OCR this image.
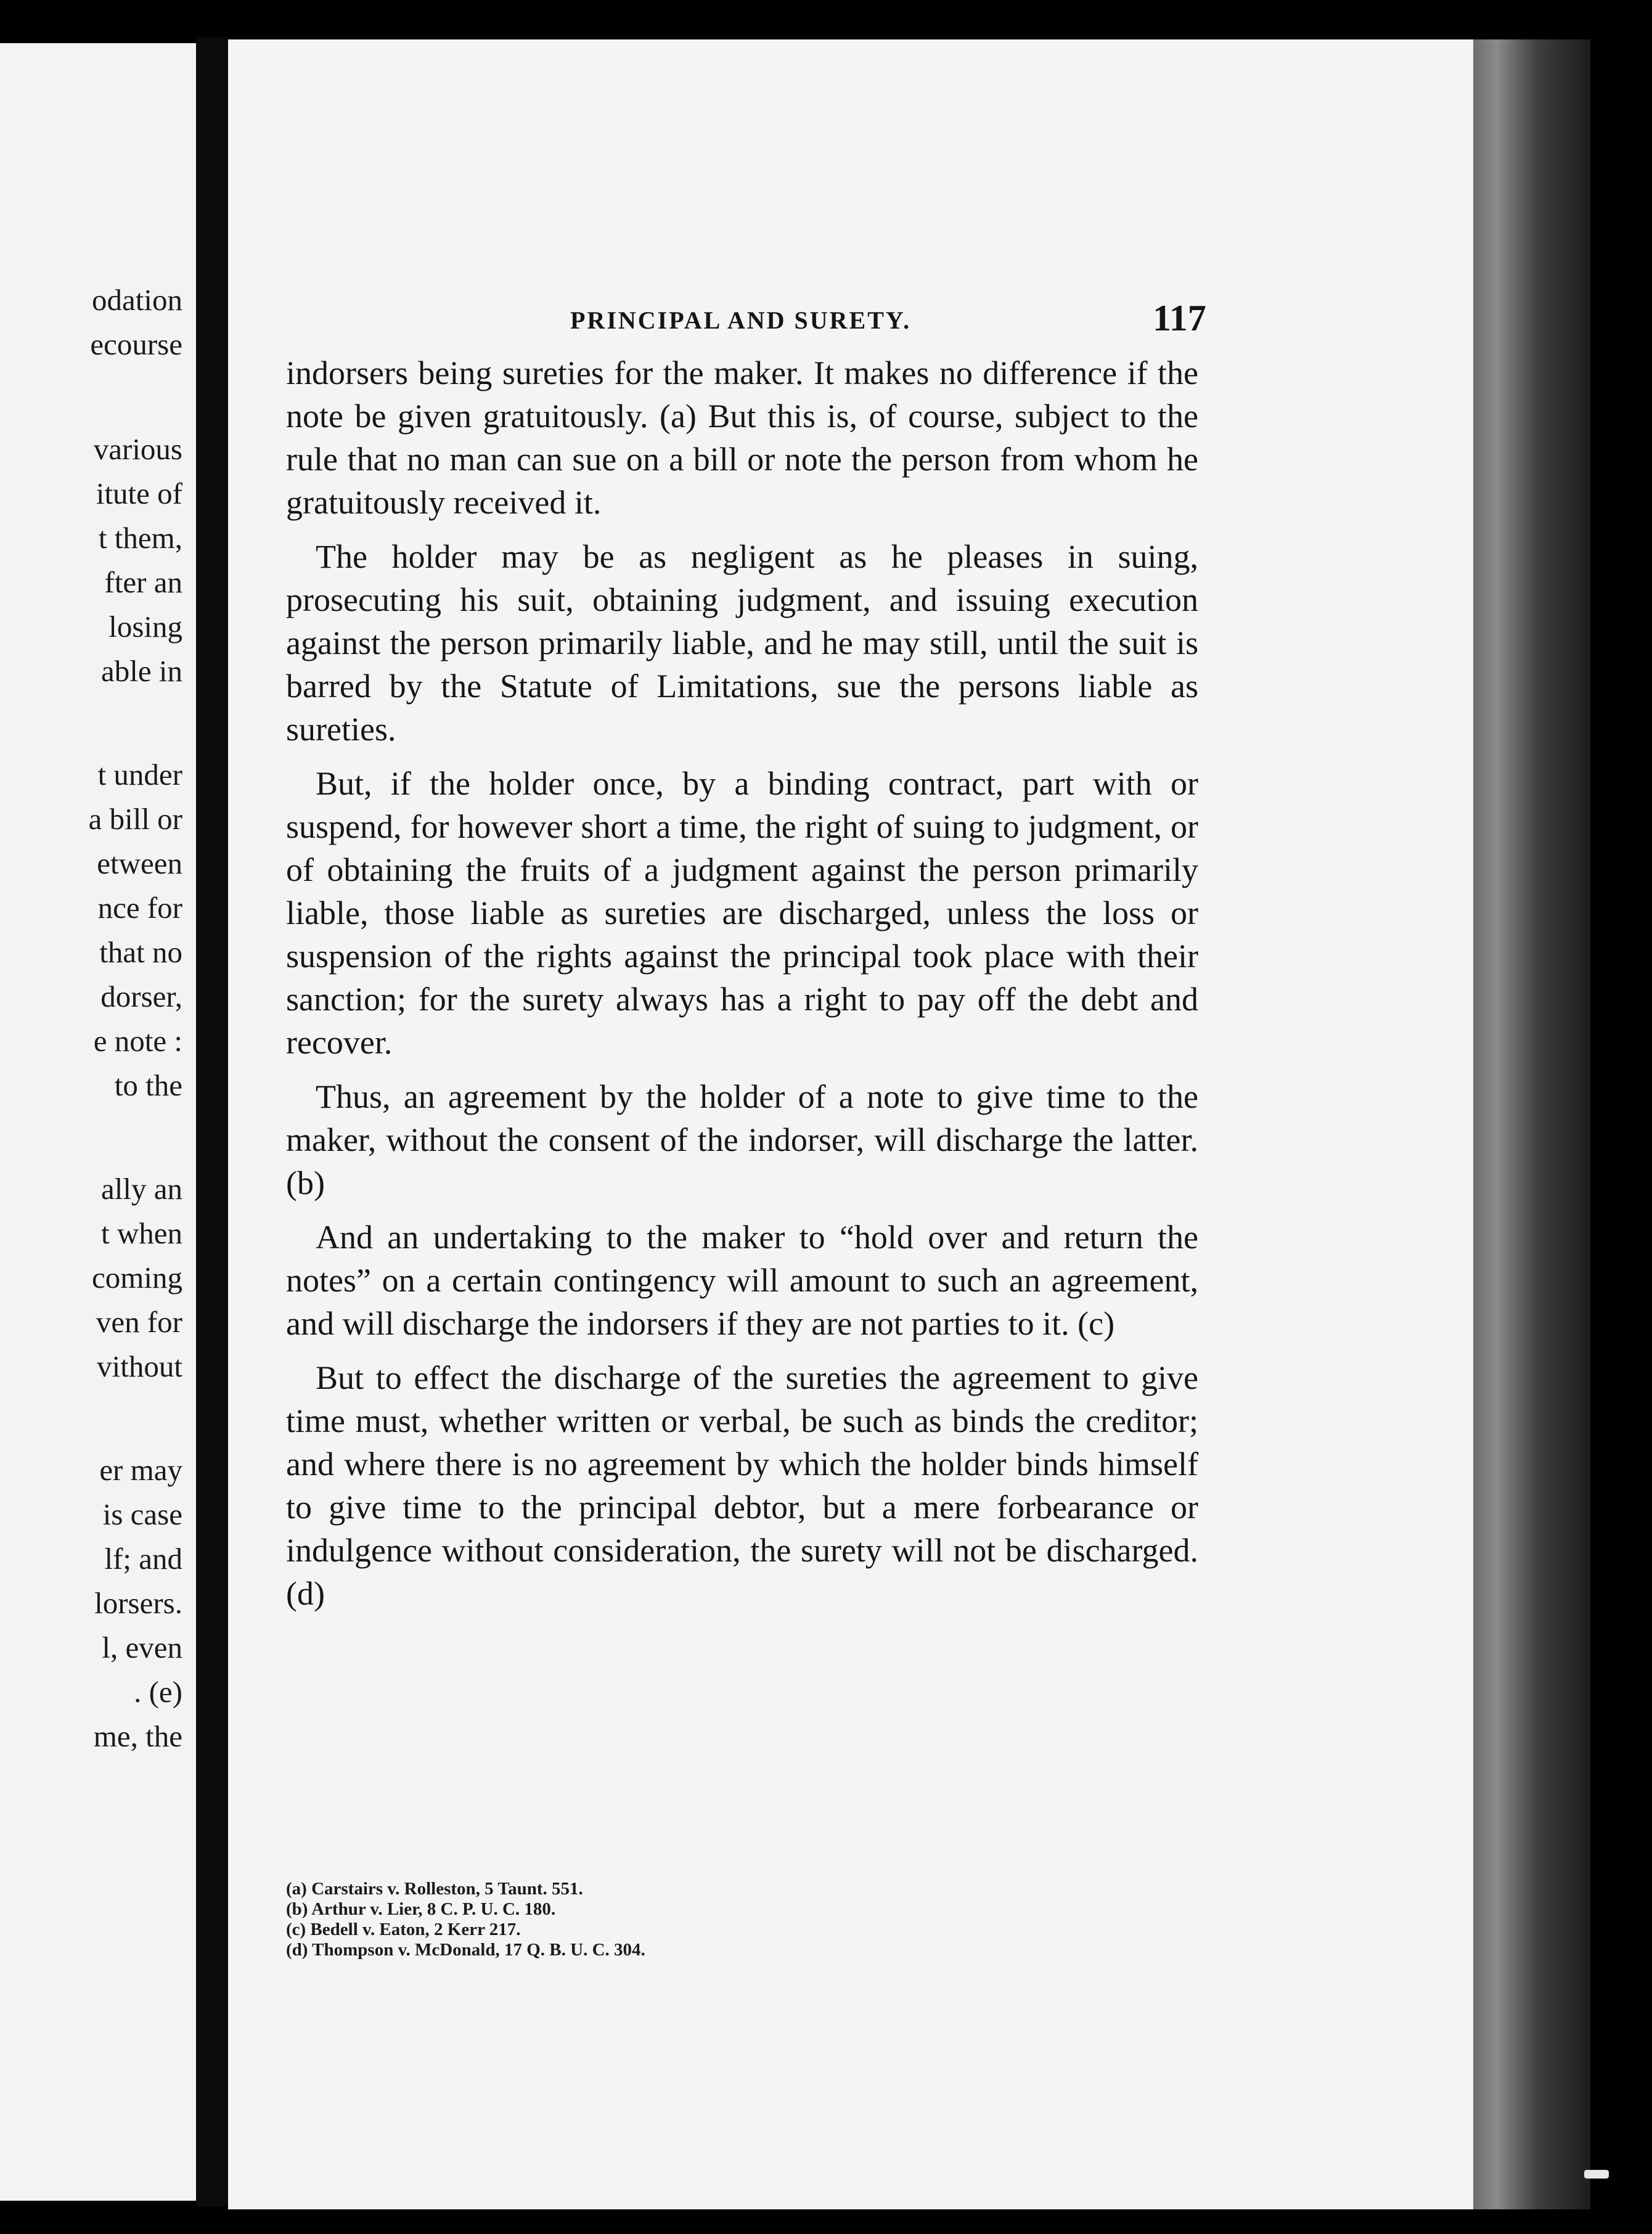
odation
ecourse
various
itute of
t them,
fter an
losing
able in
t under
a bill or
etween
nce for
that no
dorser,
e note :
to the
ally an
t when
coming
ven for
vithout
er may
is case
lf; and
lorsers.
l, even
. (e)
me, the
PRINCIPAL AND SURETY.	117

indorsers being sureties for the maker. It makes no difference if the note be given gratuitously. (a) But this is, of course, subject to the rule that no man can sue on a bill or note the person from whom he gratuitously received it.

The holder may be as negligent as he pleases in suing, prosecuting his suit, obtaining judgment, and issuing execution against the person primarily liable, and he may still, until the suit is barred by the Statute of Limitations, sue the persons liable as sureties.

But, if the holder once, by a binding contract, part with or suspend, for however short a time, the right of suing to judgment, or of obtaining the fruits of a judgment against the person primarily liable, those liable as sureties are discharged, unless the loss or suspension of the rights against the principal took place with their sanction; for the surety always has a right to pay off the debt and recover.

Thus, an agreement by the holder of a note to give time to the maker, without the consent of the indorser, will discharge the latter. (b)

And an undertaking to the maker to “hold over and return the notes” on a certain contingency will amount to such an agreement, and will discharge the indorsers if they are not parties to it. (c)

But to effect the discharge of the sureties the agreement to give time must, whether written or verbal, be such as binds the creditor; and where there is no agreement by which the holder binds himself to give time to the principal debtor, but a mere forbearance or indulgence without consideration, the surety will not be discharged. (d)

(a) Carstairs v. Rolleston, 5 Taunt. 551.
(b) Arthur v. Lier, 8 C. P. U. C. 180.
(c) Bedell v. Eaton, 2 Kerr 217.
(d) Thompson v. McDonald, 17 Q. B. U. C. 304.
